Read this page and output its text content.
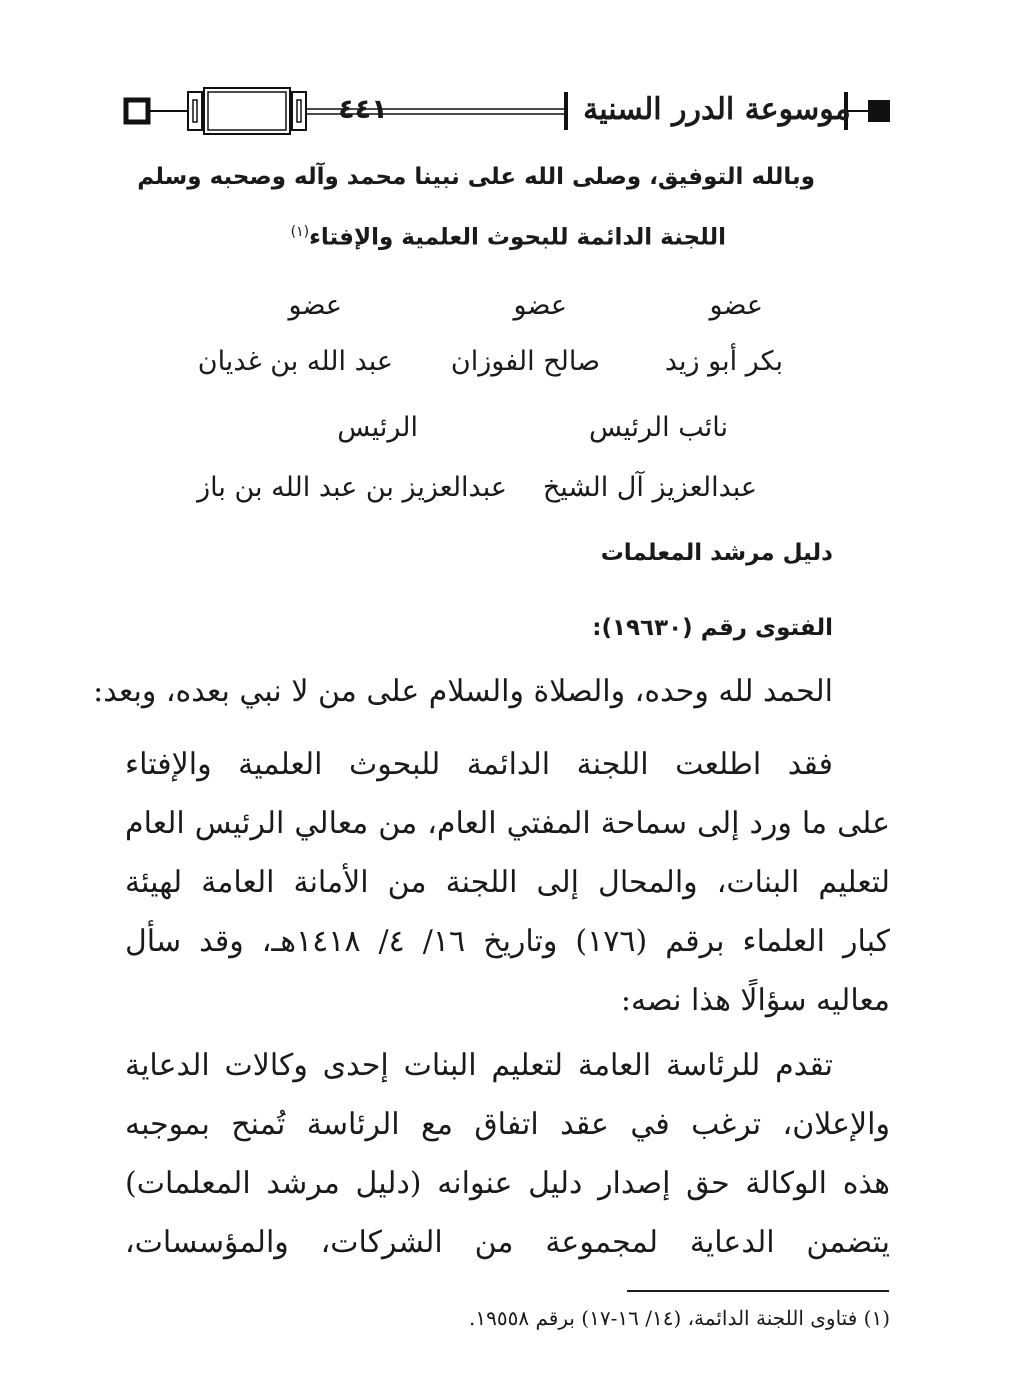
٤٤١	موسوعة الدرر السنية
وبالله التوفيق، وصلى الله على نبينا محمد وآله وصحبه وسلم
اللجنة الدائمة للبحوث العلمية والإفتاء$^{(١)}$
عضو
عضو
عضو
بكر أبو زيد
صالح الفوزان
عبد الله بن غديان
نائب الرئيس
الرئيس
عبدالعزيز آل الشيخ
عبدالعزيز بن عبد الله بن باز
دليل مرشد المعلمات
الفتوى رقم (١٩٦٣٠):
الحمد لله وحده، والصلاة والسلام على من لا نبي بعده، وبعد:
فقد اطلعت اللجنة الدائمة للبحوث العلمية والإفتاء
على ما ورد إلى سماحة المفتي العام، من معالي الرئيس العام
لتعليم البنات، والمحال إلى اللجنة من الأمانة العامة لهيئة
كبار العلماء برقم (١٧٦) وتاريخ ١٦/ ٤/ ١٤١٨هـ، وقد سأل
معاليه سؤالًا هذا نصه:
تقدم للرئاسة العامة لتعليم البنات إحدى وكالات الدعاية
والإعلان، ترغب في عقد اتفاق مع الرئاسة تُمنح بموجبه
هذه الوكالة حق إصدار دليل عنوانه (دليل مرشد المعلمات)
يتضمن الدعاية لمجموعة من الشركات، والمؤسسات،
(١) فتاوى اللجنة الدائمة، (١٤/ ١٦-١٧) برقم ١٩٥٥٨.
